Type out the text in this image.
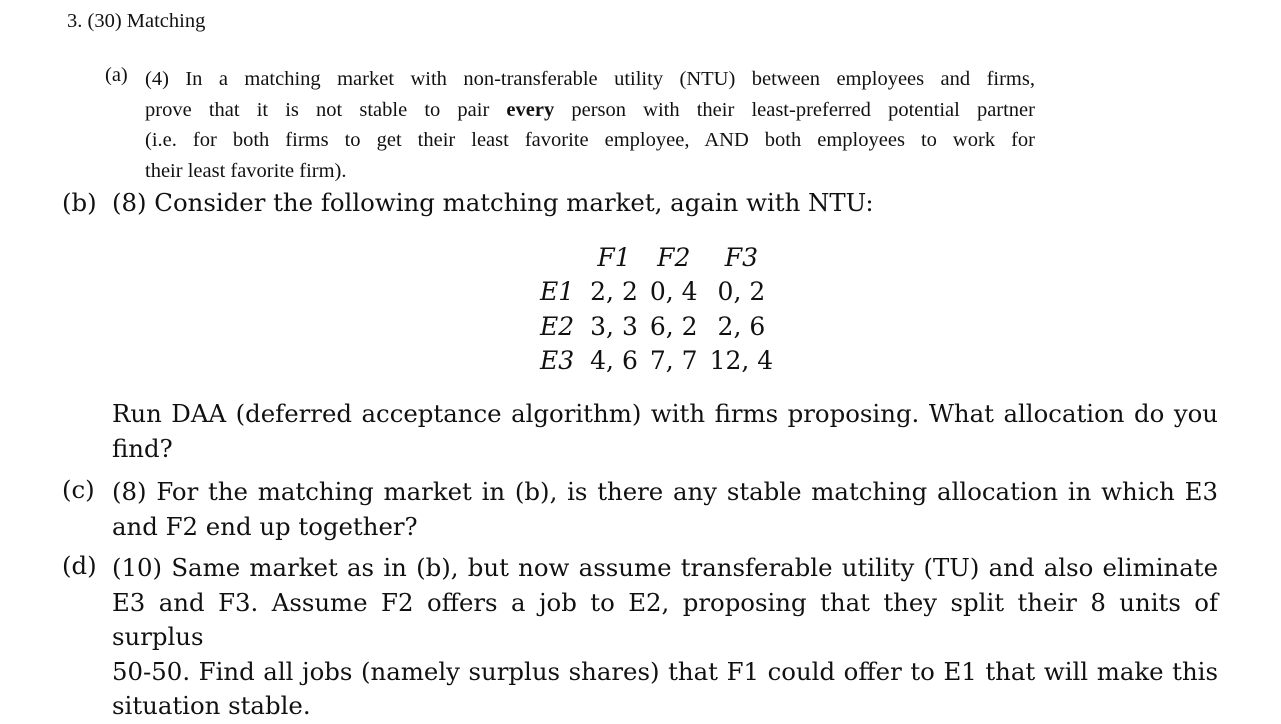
3. (30) Matching
(a) (4) In a matching market with non-transferable utility (NTU) between employees and firms,
prove that it is not stable to pair every person with their least-preferred potential partner
(i.e. for both firms to get their least favorite employee, AND both employees to work for
their least favorite firm).
(b) (8) Consider the following matching market, again with NTU:
	F1	F2	F3
E1	2, 2	0, 4	0, 2
E2	3, 3	6, 2	2, 6
E3	4, 6	7, 7	12, 4
Run DAA (deferred acceptance algorithm) with firms proposing. What allocation do you
find?
(c) (8) For the matching market in (b), is there any stable matching allocation in which E3
and F2 end up together?
(d) (10) Same market as in (b), but now assume transferable utility (TU) and also eliminate
E3 and F3. Assume F2 offers a job to E2, proposing that they split their 8 units of surplus
50-50. Find all jobs (namely surplus shares) that F1 could offer to E1 that will make this
situation stable.
